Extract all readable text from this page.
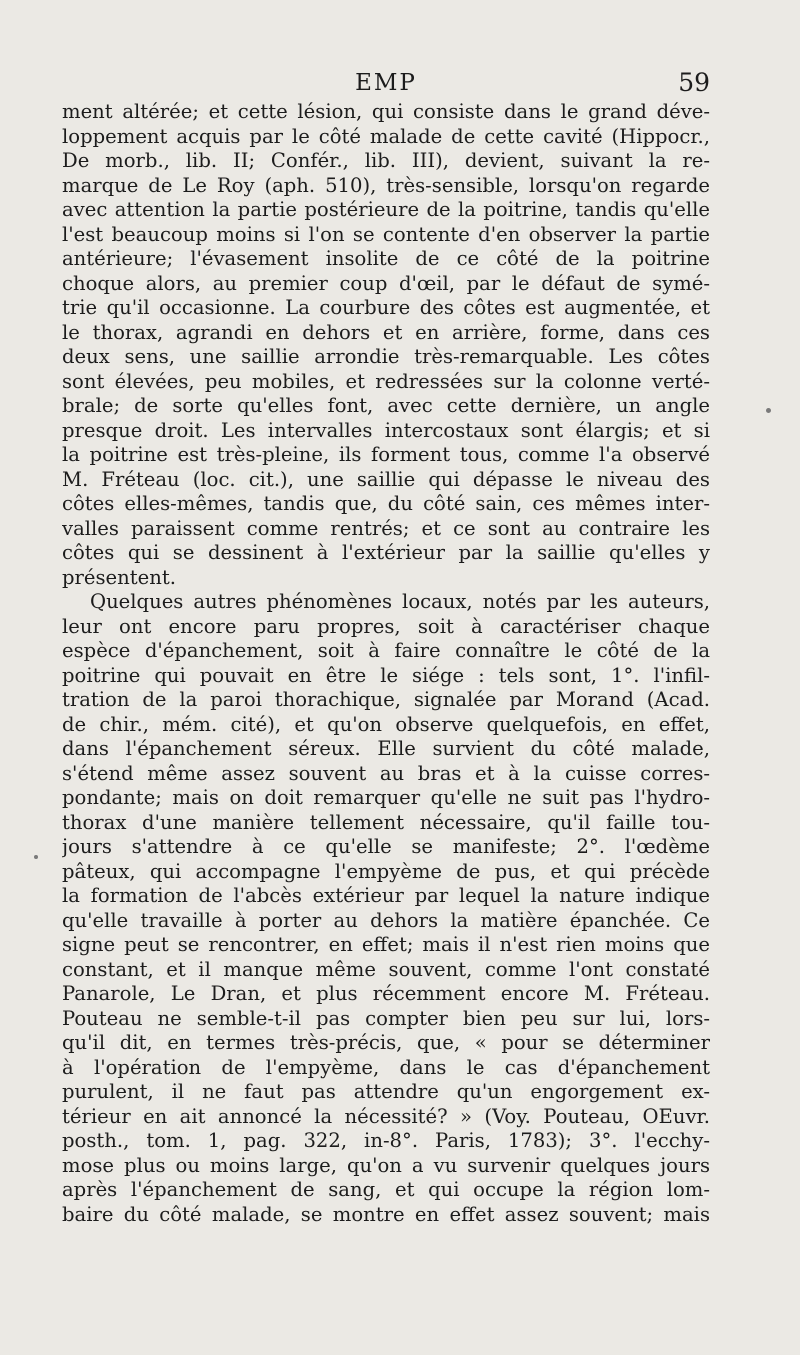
EMP	59
ment altérée; et cette lésion, qui consiste dans le grand déve-
loppement acquis par le côté malade de cette cavité (Hippocr.,
De morb., lib. II; Confér., lib. III), devient, suivant la re-
marque de Le Roy (aph. 510), très-sensible, lorsqu'on regarde
avec attention la partie postérieure de la poitrine, tandis qu'elle
l'est beaucoup moins si l'on se contente d'en observer la partie
antérieure; l'évasement insolite de ce côté de la poitrine
choque alors, au premier coup d'œil, par le défaut de symé-
trie qu'il occasionne. La courbure des côtes est augmentée, et
le thorax, agrandi en dehors et en arrière, forme, dans ces
deux sens, une saillie arrondie très-remarquable. Les côtes
sont élevées, peu mobiles, et redressées sur la colonne verté-
brale; de sorte qu'elles font, avec cette dernière, un angle
presque droit. Les intervalles intercostaux sont élargis; et si
la poitrine est très-pleine, ils forment tous, comme l'a observé
M. Fréteau (loc. cit.), une saillie qui dépasse le niveau des
côtes elles-mêmes, tandis que, du côté sain, ces mêmes inter-
valles paraissent comme rentrés; et ce sont au contraire les
côtes qui se dessinent à l'extérieur par la saillie qu'elles y
présentent.
Quelques autres phénomènes locaux, notés par les auteurs,
leur ont encore paru propres, soit à caractériser chaque
espèce d'épanchement, soit à faire connaître le côté de la
poitrine qui pouvait en être le siége : tels sont, 1°. l'infil-
tration de la paroi thorachique, signalée par Morand (Acad.
de chir., mém. cité), et qu'on observe quelquefois, en effet,
dans l'épanchement séreux. Elle survient du côté malade,
s'étend même assez souvent au bras et à la cuisse corres-
pondante; mais on doit remarquer qu'elle ne suit pas l'hydro-
thorax d'une manière tellement nécessaire, qu'il faille tou-
jours s'attendre à ce qu'elle se manifeste; 2°. l'œdème
pâteux, qui accompagne l'empyème de pus, et qui précède
la formation de l'abcès extérieur par lequel la nature indique
qu'elle travaille à porter au dehors la matière épanchée. Ce
signe peut se rencontrer, en effet; mais il n'est rien moins que
constant, et il manque même souvent, comme l'ont constaté
Panarole, Le Dran, et plus récemment encore M. Fréteau.
Pouteau ne semble-t-il pas compter bien peu sur lui, lors-
qu'il dit, en termes très-précis, que, « pour se déterminer
à l'opération de l'empyème, dans le cas d'épanchement
purulent, il ne faut pas attendre qu'un engorgement ex-
térieur en ait annoncé la nécessité? » (Voy. Pouteau, OEuvr.
posth., tom. 1, pag. 322, in-8°. Paris, 1783); 3°. l'ecchy-
mose plus ou moins large, qu'on a vu survenir quelques jours
après l'épanchement de sang, et qui occupe la région lom-
baire du côté malade, se montre en effet assez souvent; mais
